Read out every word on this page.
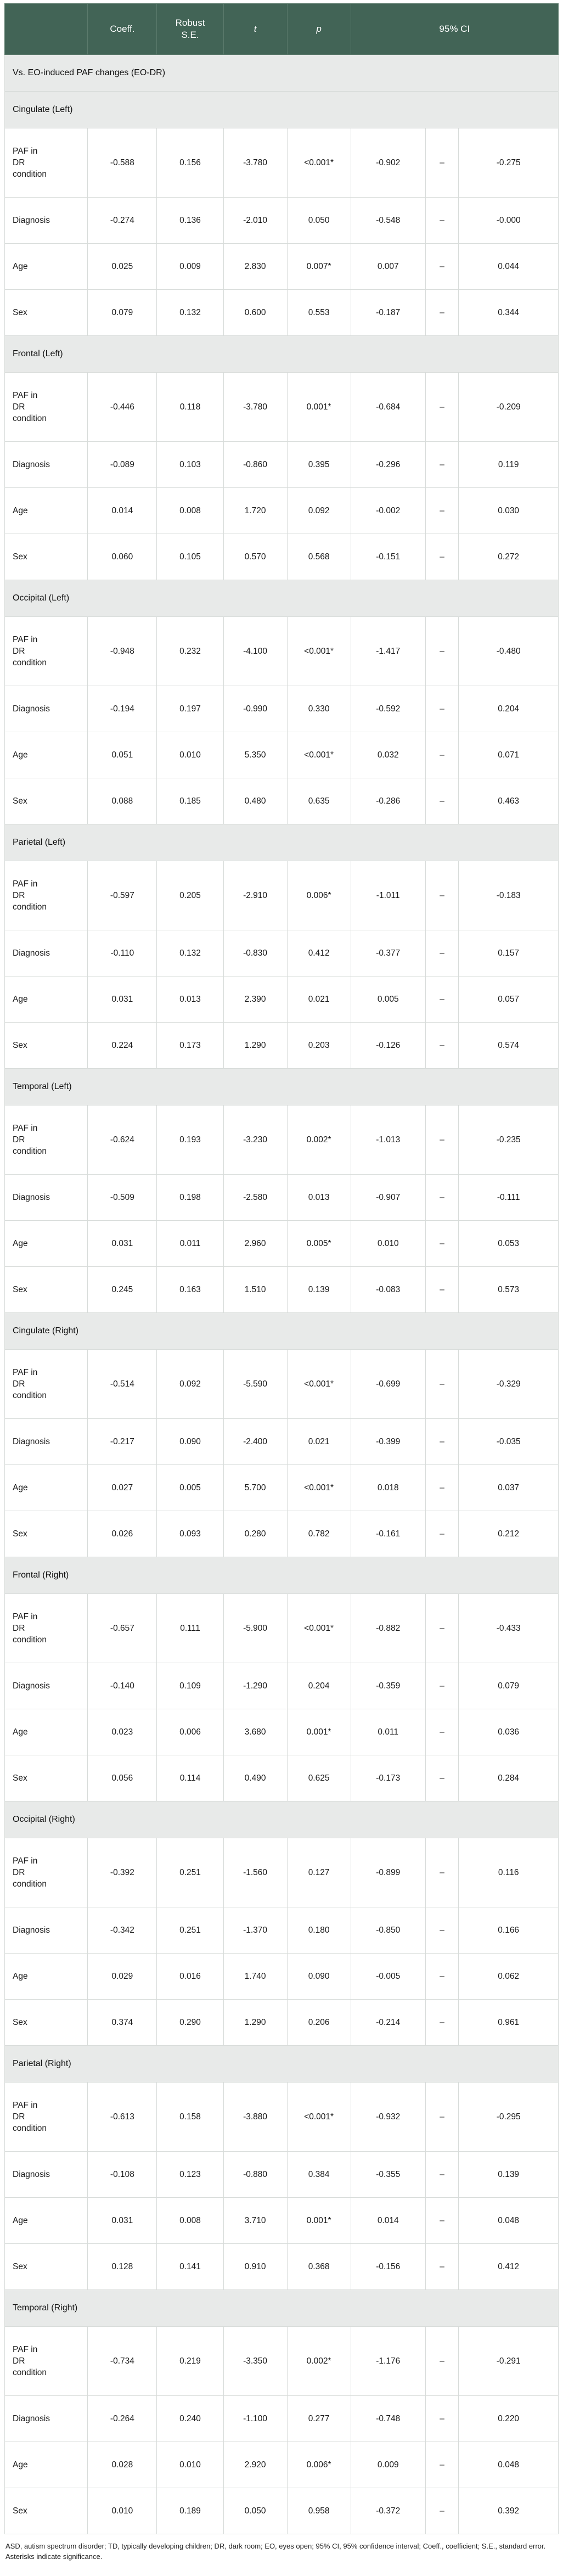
	Coeff.	Robust S.E.	t	p	95% CI		
Vs. EO-induced PAF changes (EO-DR)							
Cingulate (Left)							
PAF in DR condition	-0.588	0.156	-3.780	<0.001*	-0.902	–	-0.275
Diagnosis	-0.274	0.136	-2.010	0.050	-0.548	–	-0.000
Age	0.025	0.009	2.830	0.007*	0.007	–	0.044
Sex	0.079	0.132	0.600	0.553	-0.187	–	0.344
Frontal (Left)							
PAF in DR condition	-0.446	0.118	-3.780	0.001*	-0.684	–	-0.209
Diagnosis	-0.089	0.103	-0.860	0.395	-0.296	–	0.119
Age	0.014	0.008	1.720	0.092	-0.002	–	0.030
Sex	0.060	0.105	0.570	0.568	-0.151	–	0.272
Occipital (Left)							
PAF in DR condition	-0.948	0.232	-4.100	<0.001*	-1.417	–	-0.480
Diagnosis	-0.194	0.197	-0.990	0.330	-0.592	–	0.204
Age	0.051	0.010	5.350	<0.001*	0.032	–	0.071
Sex	0.088	0.185	0.480	0.635	-0.286	–	0.463
Parietal (Left)							
PAF in DR condition	-0.597	0.205	-2.910	0.006*	-1.011	–	-0.183
Diagnosis	-0.110	0.132	-0.830	0.412	-0.377	–	0.157
Age	0.031	0.013	2.390	0.021	0.005	–	0.057
Sex	0.224	0.173	1.290	0.203	-0.126	–	0.574
Temporal (Left)							
PAF in DR condition	-0.624	0.193	-3.230	0.002*	-1.013	–	-0.235
Diagnosis	-0.509	0.198	-2.580	0.013	-0.907	–	-0.111
Age	0.031	0.011	2.960	0.005*	0.010	–	0.053
Sex	0.245	0.163	1.510	0.139	-0.083	–	0.573
Cingulate (Right)							
PAF in DR condition	-0.514	0.092	-5.590	<0.001*	-0.699	–	-0.329
Diagnosis	-0.217	0.090	-2.400	0.021	-0.399	–	-0.035
Age	0.027	0.005	5.700	<0.001*	0.018	–	0.037
Sex	0.026	0.093	0.280	0.782	-0.161	–	0.212
Frontal (Right)							
PAF in DR condition	-0.657	0.111	-5.900	<0.001*	-0.882	–	-0.433
Diagnosis	-0.140	0.109	-1.290	0.204	-0.359	–	0.079
Age	0.023	0.006	3.680	0.001*	0.011	–	0.036
Sex	0.056	0.114	0.490	0.625	-0.173	–	0.284
Occipital (Right)							
PAF in DR condition	-0.392	0.251	-1.560	0.127	-0.899	–	0.116
Diagnosis	-0.342	0.251	-1.370	0.180	-0.850	–	0.166
Age	0.029	0.016	1.740	0.090	-0.005	–	0.062
Sex	0.374	0.290	1.290	0.206	-0.214	–	0.961
Parietal (Right)							
PAF in DR condition	-0.613	0.158	-3.880	<0.001*	-0.932	–	-0.295
Diagnosis	-0.108	0.123	-0.880	0.384	-0.355	–	0.139
Age	0.031	0.008	3.710	0.001*	0.014	–	0.048
Sex	0.128	0.141	0.910	0.368	-0.156	–	0.412
Temporal (Right)							
PAF in DR condition	-0.734	0.219	-3.350	0.002*	-1.176	–	-0.291
Diagnosis	-0.264	0.240	-1.100	0.277	-0.748	–	0.220
Age	0.028	0.010	2.920	0.006*	0.009	–	0.048
Sex	0.010	0.189	0.050	0.958	-0.372	–	0.392
ASD, autism spectrum disorder; TD, typically developing children; DR, dark room; EO, eyes open; 95% CI, 95% confidence interval; Coeff., coefficient; S.E., standard error. Asterisks indicate significance.
